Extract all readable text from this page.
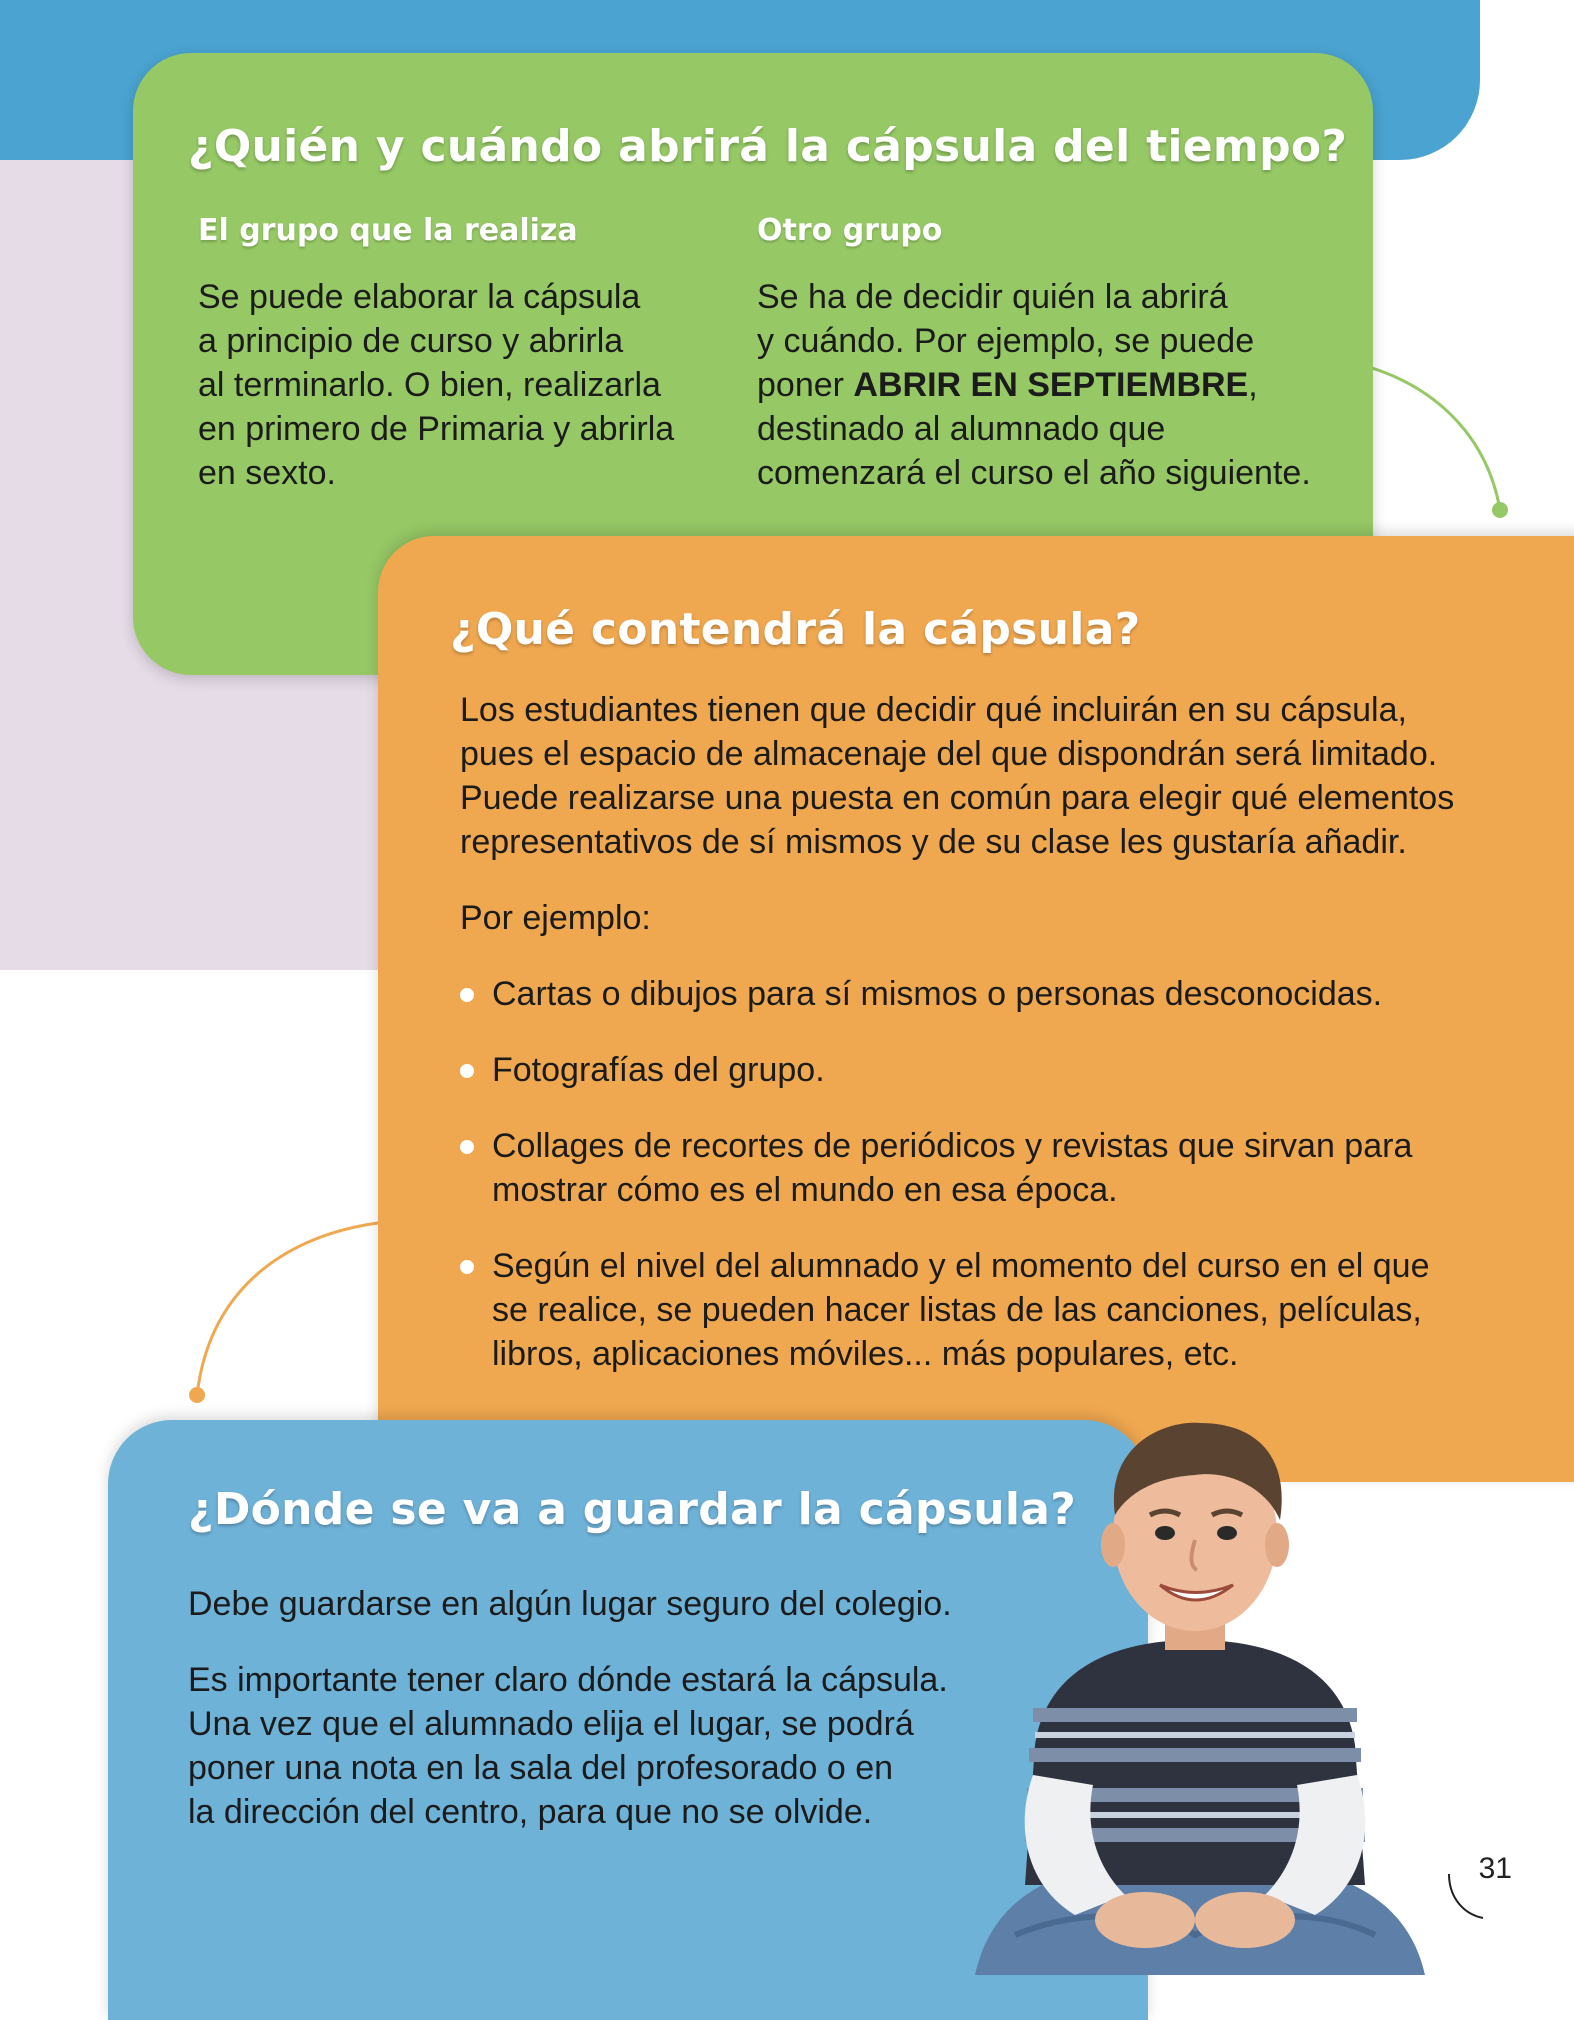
¿Quién y cuándo abrirá la cápsula del tiempo?
El grupo que la realiza	Otro grupo
Se puede elaborar la cápsula
a principio de curso y abrirla
al terminarlo. O bien, realizarla
en primero de Primaria y abrirla
en sexto.
Se ha de decidir quién la abrirá
y cuándo. Por ejemplo, se puede
poner ABRIR EN SEPTIEMBRE,
destinado al alumnado que
comenzará el curso el año siguiente.
¿Qué contendrá la cápsula?
Los estudiantes tienen que decidir qué incluirán en su cápsula,
pues el espacio de almacenaje del que dispondrán será limitado.
Puede realizarse una puesta en común para elegir qué elementos
representativos de sí mismos y de su clase les gustaría añadir.
Por ejemplo:
Cartas o dibujos para sí mismos o personas desconocidas.
Fotografías del grupo.
Collages de recortes de periódicos y revistas que sirvan para
mostrar cómo es el mundo en esa época.
Según el nivel del alumnado y el momento del curso en el que
se realice, se pueden hacer listas de las canciones, películas,
libros, aplicaciones móviles... más populares, etc.
¿Dónde se va a guardar la cápsula?
Debe guardarse en algún lugar seguro del colegio.
Es importante tener claro dónde estará la cápsula.
Una vez que el alumnado elija el lugar, se podrá
poner una nota en la sala del profesorado o en
la dirección del centro, para que no se olvide.
31
